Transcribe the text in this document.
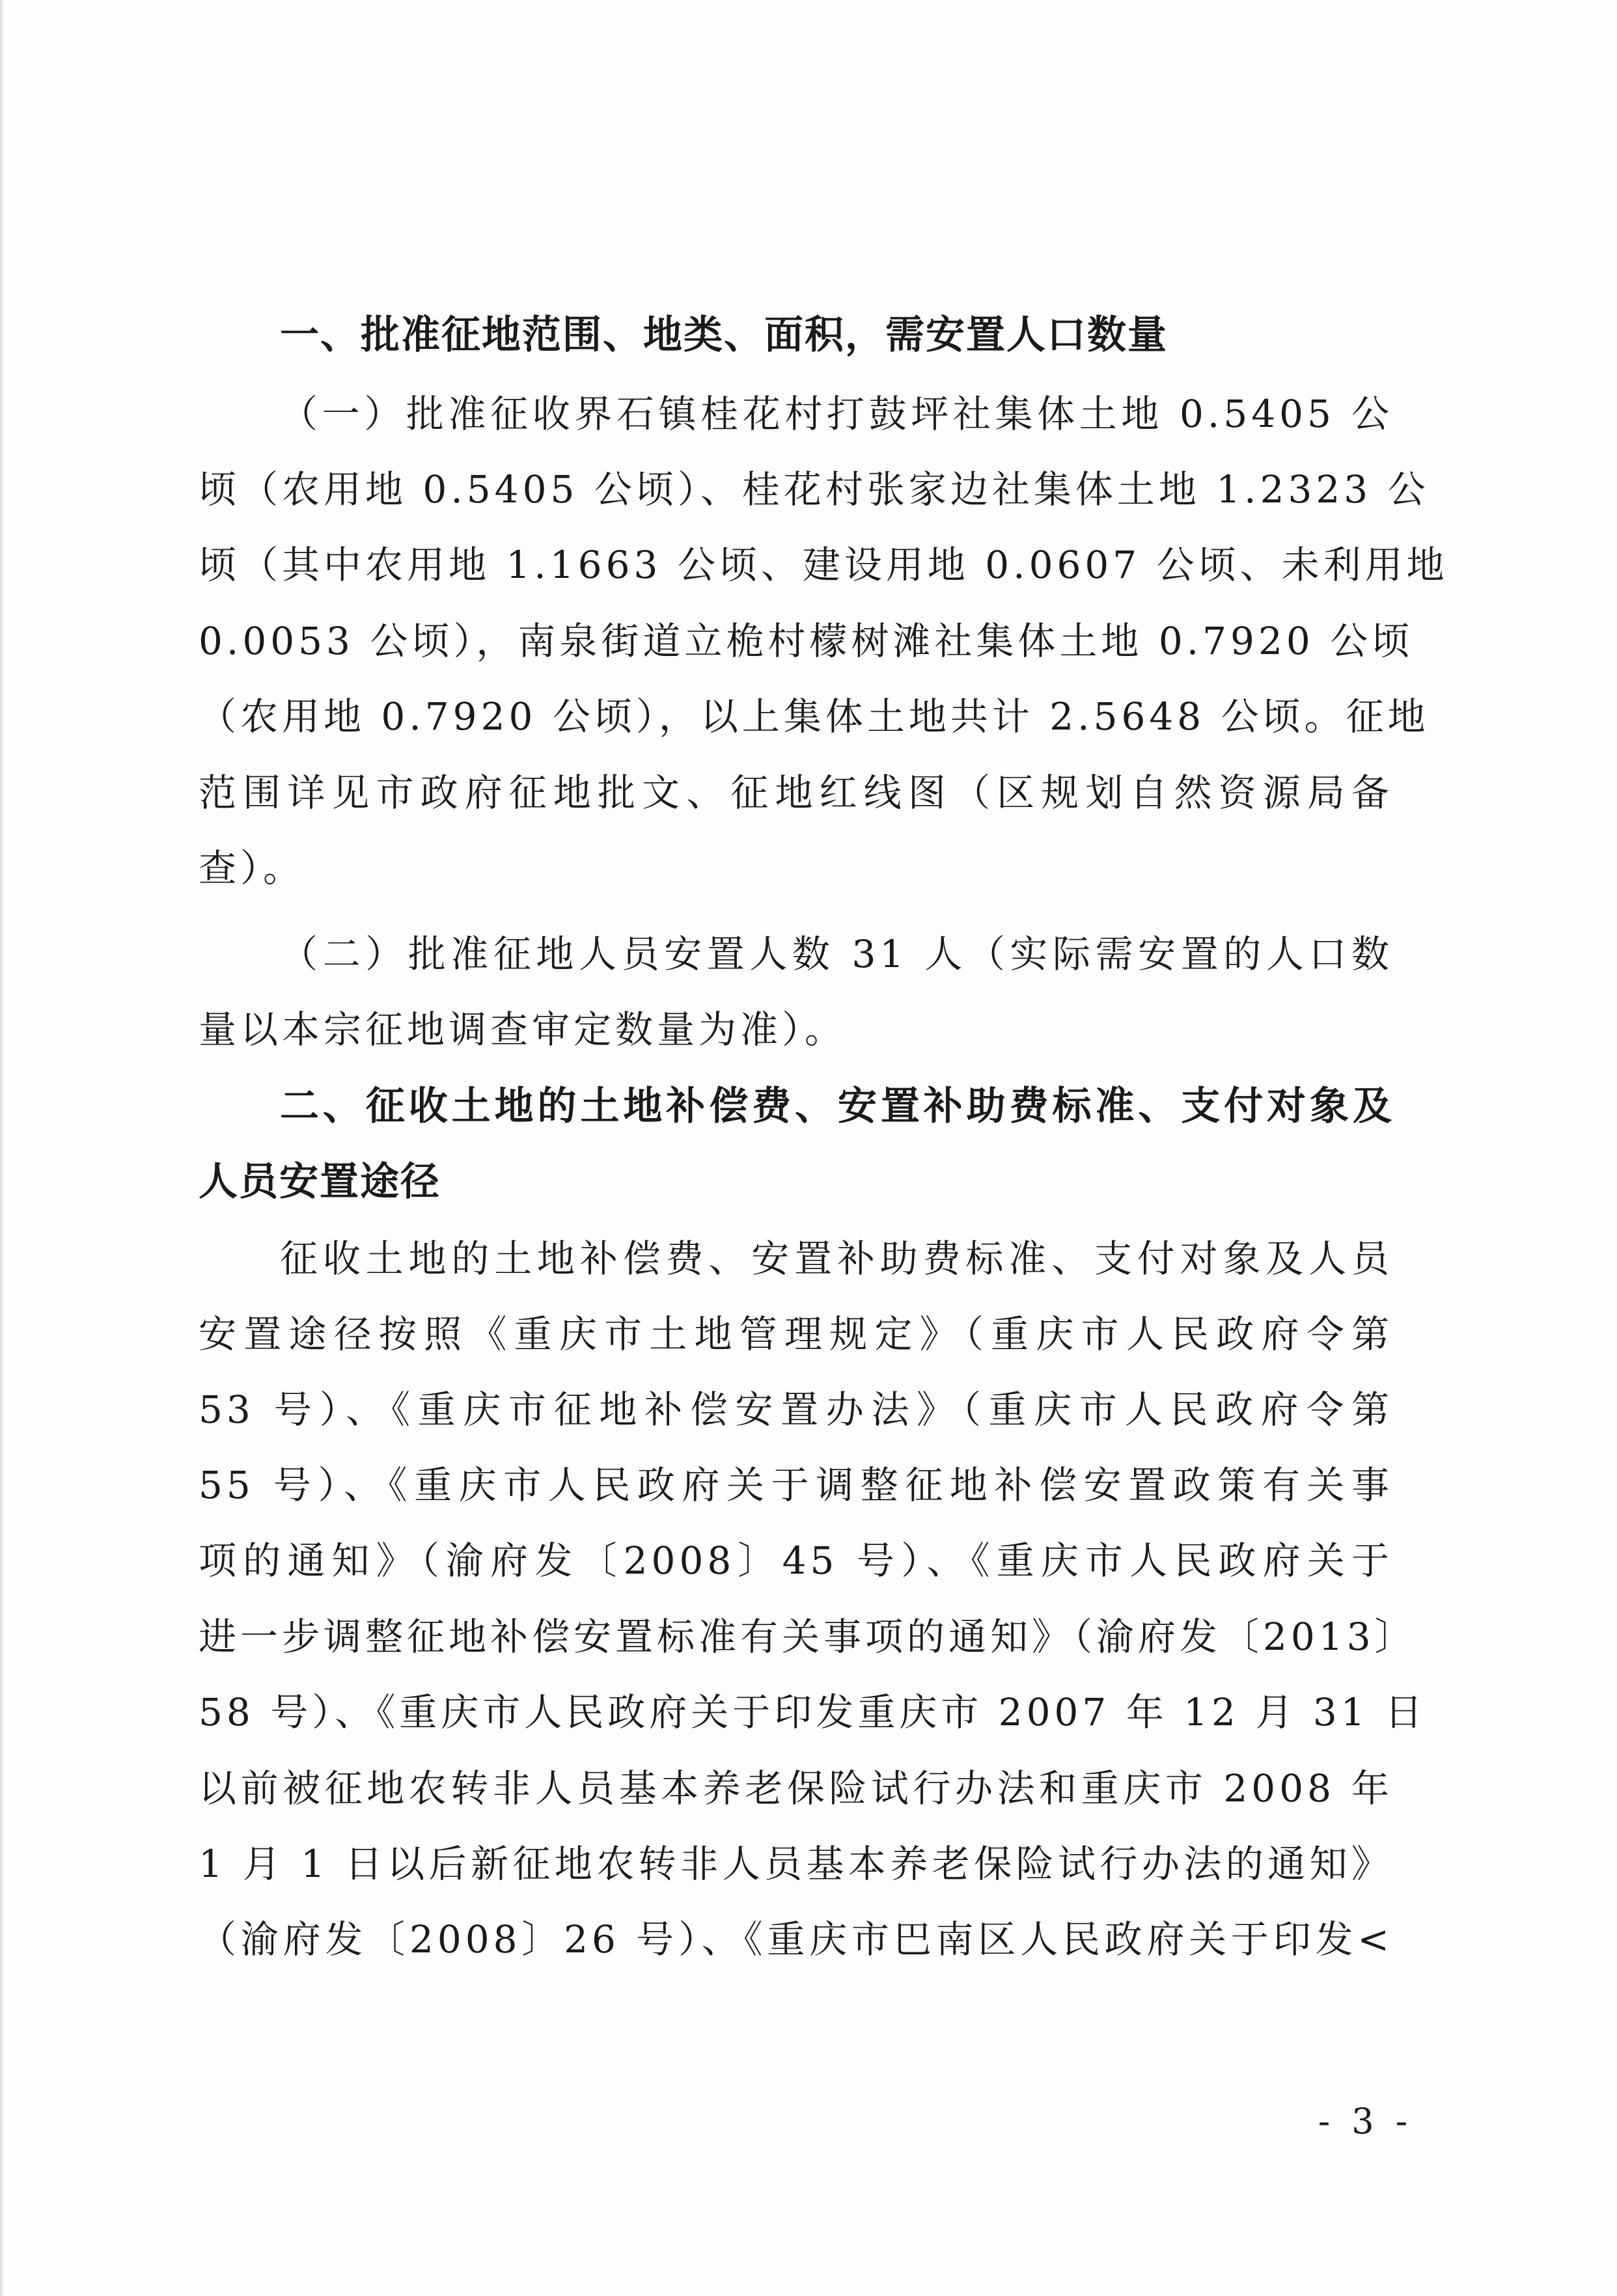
一、批准征地范围、地类、面积，需安置人口数量
（一）批准征收界石镇桂花村打鼓坪社集体土地 0.5405 公
顷（农用地 0.5405 公顷）、桂花村张家边社集体土地 1.2323 公
顷（其中农用地 1.1663 公顷、建设用地 0.0607 公顷、未利用地
0.0053 公顷），南泉街道立桅村檬树滩社集体土地 0.7920 公顷
（农用地 0.7920 公顷），以上集体土地共计 2.5648 公顷。征地
范围详见市政府征地批文、征地红线图（区规划自然资源局备
查）。
（二）批准征地人员安置人数 31 人（实际需安置的人口数
量以本宗征地调查审定数量为准）。
二、征收土地的土地补偿费、安置补助费标准、支付对象及
人员安置途径
征收土地的土地补偿费、安置补助费标准、支付对象及人员
安置途径按照《重庆市土地管理规定》（重庆市人民政府令第
53 号）、《重庆市征地补偿安置办法》（重庆市人民政府令第
55 号）、《重庆市人民政府关于调整征地补偿安置政策有关事
项的通知》（渝府发〔2008〕45 号）、《重庆市人民政府关于
进一步调整征地补偿安置标准有关事项的通知》（渝府发〔2013〕
58 号）、《重庆市人民政府关于印发重庆市 2007 年 12 月 31 日
以前被征地农转非人员基本养老保险试行办法和重庆市 2008 年
1 月 1 日以后新征地农转非人员基本养老保险试行办法的通知》
（渝府发〔2008〕26 号）、《重庆市巴南区人民政府关于印发<
- 3 -
